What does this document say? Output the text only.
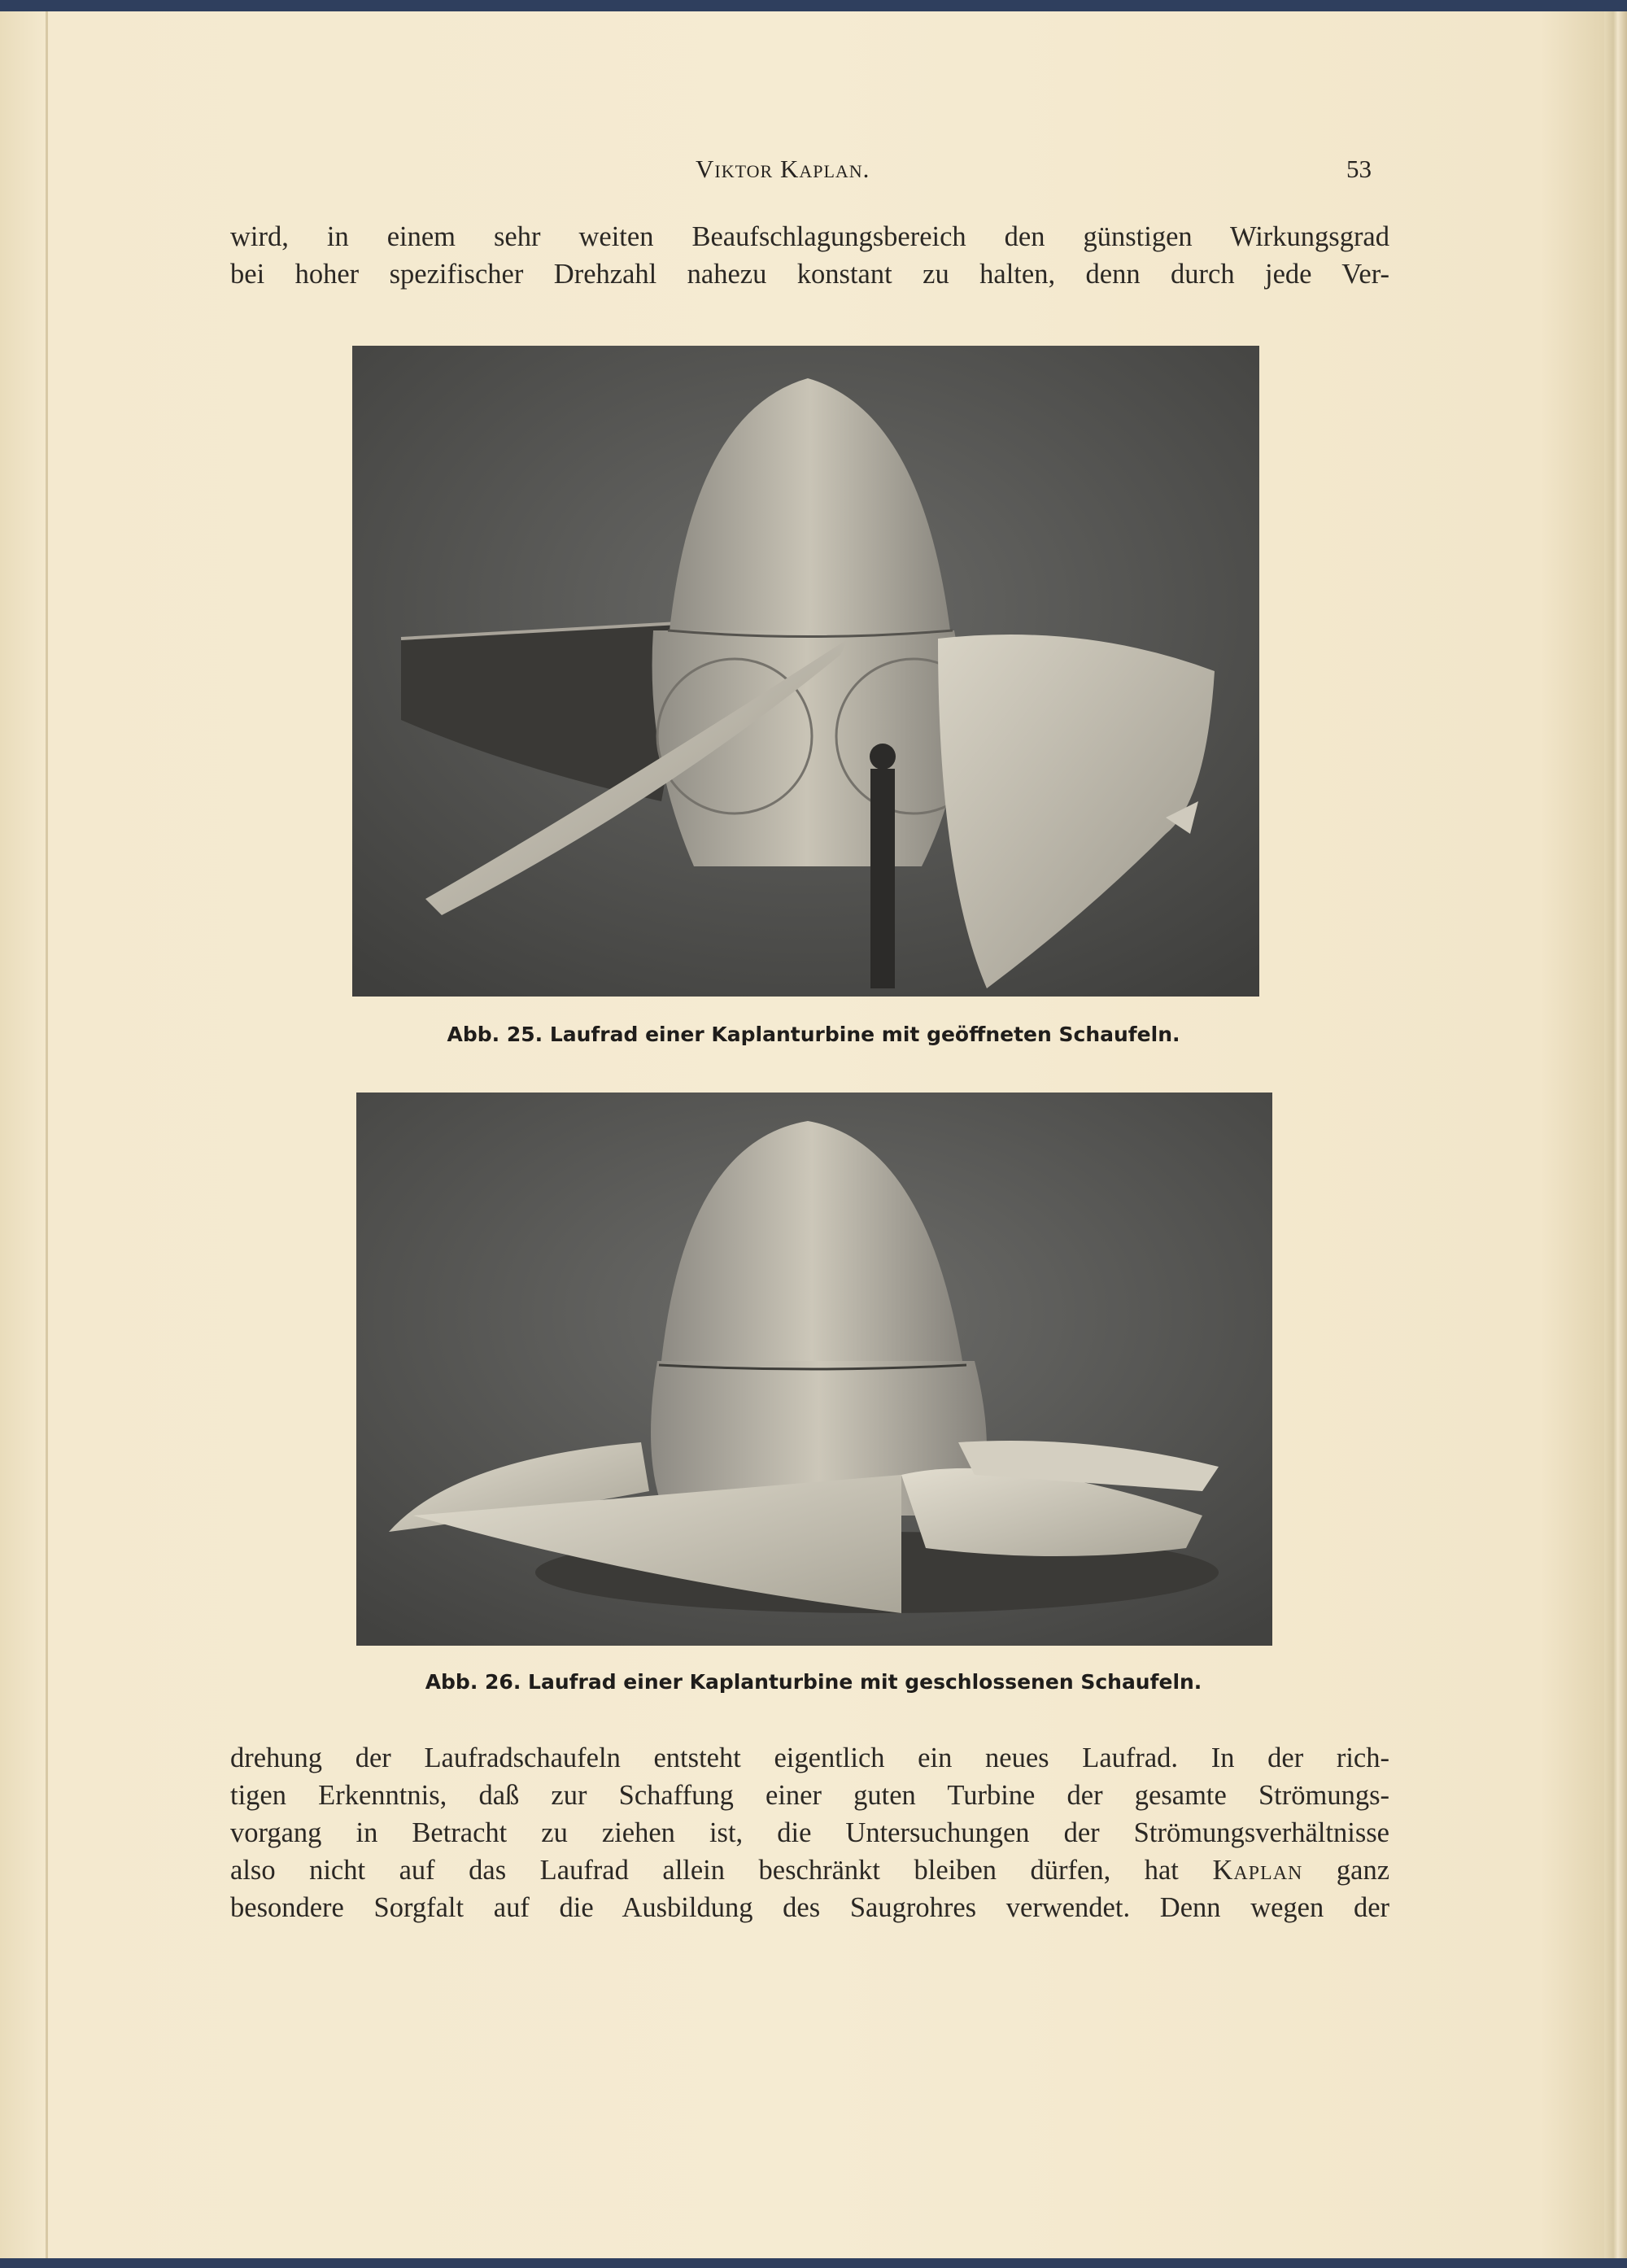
Viktor Kaplan.	53
wird, in einem sehr weiten Beaufschlagungsbereich den günstigen Wirkungsgrad
bei hoher spezifischer Drehzahl nahezu konstant zu halten, denn durch jede Ver-
Abb. 25. Laufrad einer Kaplanturbine mit geöffneten Schaufeln.
Abb. 26. Laufrad einer Kaplanturbine mit geschlossenen Schaufeln.
drehung der Laufradschaufeln entsteht eigentlich ein neues Laufrad. In der rich-
tigen Erkenntnis, daß zur Schaffung einer guten Turbine der gesamte Strömungs-
vorgang in Betracht zu ziehen ist, die Untersuchungen der Strömungsverhältnisse
also nicht auf das Laufrad allein beschränkt bleiben dürfen, hat Kaplan ganz
besondere Sorgfalt auf die Ausbildung des Saugrohres verwendet. Denn wegen der
